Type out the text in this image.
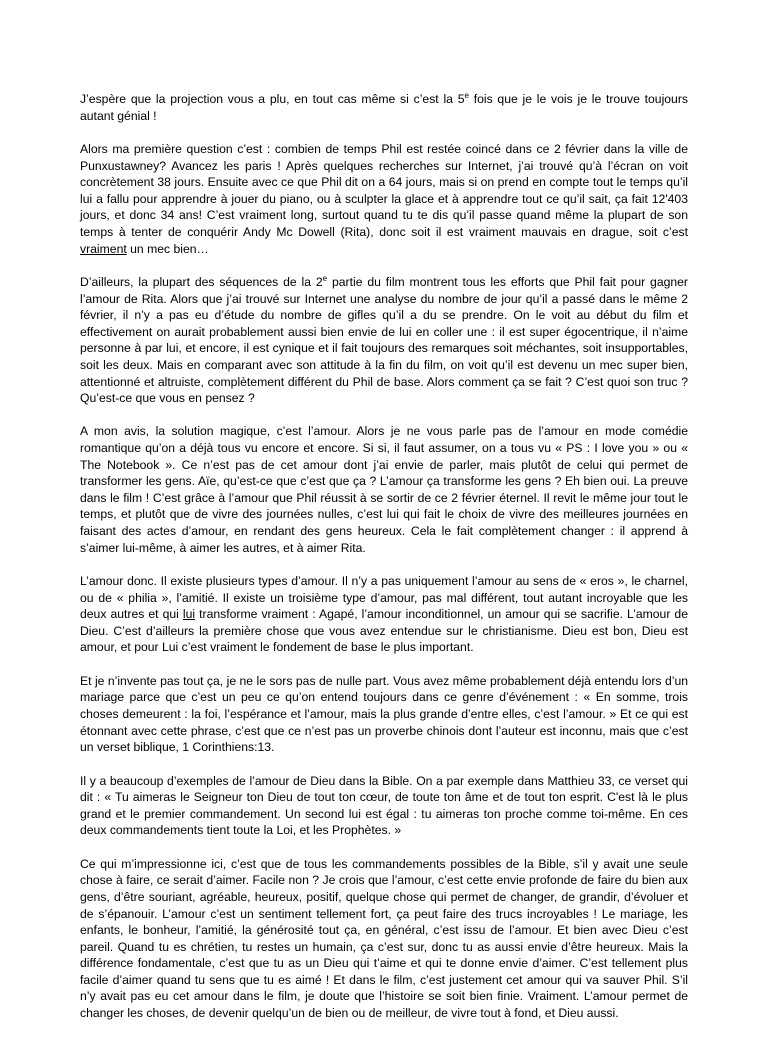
J’espère que la projection vous a plu, en tout cas même si c’est la 5e fois que je le vois je le trouve toujours autant génial !

Alors ma première question c’est : combien de temps Phil est restée coincé dans ce 2 février dans la ville de Punxustawney? Avancez les paris ! Après quelques recherches sur Internet, j’ai trouvé qu’à l’écran on voit concrètement 38 jours. Ensuite avec ce que Phil dit on a 64 jours, mais si on prend en compte tout le temps qu’il lui a fallu pour apprendre à jouer du piano, ou à sculpter la glace et à apprendre tout ce qu’il sait, ça fait 12'403 jours, et donc 34 ans! C’est vraiment long, surtout quand tu te dis qu’il passe quand même la plupart de son temps à tenter de conquérir Andy Mc Dowell (Rita), donc soit il est vraiment mauvais en drague, soit c’est vraiment un mec bien…

D’ailleurs, la plupart des séquences de la 2e partie du film montrent tous les efforts que Phil fait pour gagner l’amour de Rita. Alors que j’ai trouvé sur Internet une analyse du nombre de jour qu’il a passé dans le même 2 février, il n’y a pas eu d’étude du nombre de gifles qu’il a du se prendre. On le voit au début du film et effectivement on aurait probablement aussi bien envie de lui en coller une : il est super égocentrique, il n’aime personne à par lui, et encore, il est cynique et il fait toujours des remarques soit méchantes, soit insupportables, soit les deux. Mais en comparant avec son attitude à la fin du film, on voit qu’il est devenu un mec super bien, attentionné et altruiste, complètement différent du Phil de base. Alors comment ça se fait ? C’est quoi son truc ? Qu’est-ce que vous en pensez ?

A mon avis, la solution magique, c’est l’amour. Alors je ne vous parle pas de l’amour en mode comédie romantique qu’on a déjà tous vu encore et encore. Si si, il faut assumer, on a tous vu « PS : I love you » ou « The Notebook ». Ce n’est pas de cet amour dont j’ai envie de parler, mais plutôt de celui qui permet de transformer les gens. Aïe, qu’est-ce que c’est que ça ? L’amour ça transforme les gens ? Eh bien oui. La preuve dans le film ! C’est grâce à l’amour que Phil réussit à se sortir de ce 2 février éternel. Il revit le même jour tout le temps, et plutôt que de vivre des journées nulles, c’est lui qui fait le choix de vivre des meilleures journées en faisant des actes d’amour, en rendant des gens heureux. Cela le fait complètement changer : il apprend à s’aimer lui-même, à aimer les autres, et à aimer Rita.

L’amour donc. Il existe plusieurs types d’amour. Il n’y a pas uniquement l’amour au sens de « eros », le charnel, ou de « philia », l’amitié. Il existe un troisième type d’amour, pas mal différent, tout autant incroyable que les deux autres et qui lui transforme vraiment : Agapé, l’amour inconditionnel, un amour qui se sacrifie. L’amour de Dieu. C’est d’ailleurs la première chose que vous avez entendue sur le christianisme. Dieu est bon, Dieu est amour, et pour Lui c’est vraiment le fondement de base le plus important.

Et je n’invente pas tout ça, je ne le sors pas de nulle part. Vous avez même probablement déjà entendu lors d’un mariage parce que c’est un peu ce qu’on entend toujours dans ce genre d’événement : « En somme, trois choses demeurent : la foi, l’espérance et l’amour, mais la plus grande d’entre elles, c’est l’amour. » Et ce qui est étonnant avec cette phrase, c’est que ce n’est pas un proverbe chinois dont l’auteur est inconnu, mais que c’est un verset biblique, 1 Corinthiens:13.

Il y a beaucoup d’exemples de l’amour de Dieu dans la Bible. On a par exemple dans Matthieu 33, ce verset qui dit : « Tu aimeras le Seigneur ton Dieu de tout ton cœur, de toute ton âme et de tout ton esprit. C'est là le plus grand et le premier commandement. Un second lui est égal : tu aimeras ton proche comme toi-même. En ces deux commandements tient toute la Loi, et les Prophètes. »

Ce qui m’impressionne ici, c’est que de tous les commandements possibles de la Bible, s’il y avait une seule chose à faire, ce serait d’aimer. Facile non ? Je crois que l’amour, c’est cette envie profonde de faire du bien aux gens, d’être souriant, agréable, heureux, positif, quelque chose qui permet de changer, de grandir, d’évoluer et de s’épanouir. L’amour c’est un sentiment tellement fort, ça peut faire des trucs incroyables ! Le mariage, les enfants, le bonheur, l’amitié, la générosité tout ça, en général, c’est issu de l’amour. Et bien avec Dieu c’est pareil. Quand tu es chrétien, tu restes un humain, ça c’est sur, donc tu as aussi envie d’être heureux. Mais la différence fondamentale, c’est que tu as un Dieu qui t’aime et qui te donne envie d’aimer. C’est tellement plus facile d’aimer quand tu sens que tu es aimé ! Et dans le film, c’est justement cet amour qui va sauver Phil. S’il n’y avait pas eu cet amour dans le film, je doute que l’histoire se soit bien finie. Vraiment. L’amour permet de changer les choses, de devenir quelqu’un de bien ou de meilleur, de vivre tout à fond, et Dieu aussi.
